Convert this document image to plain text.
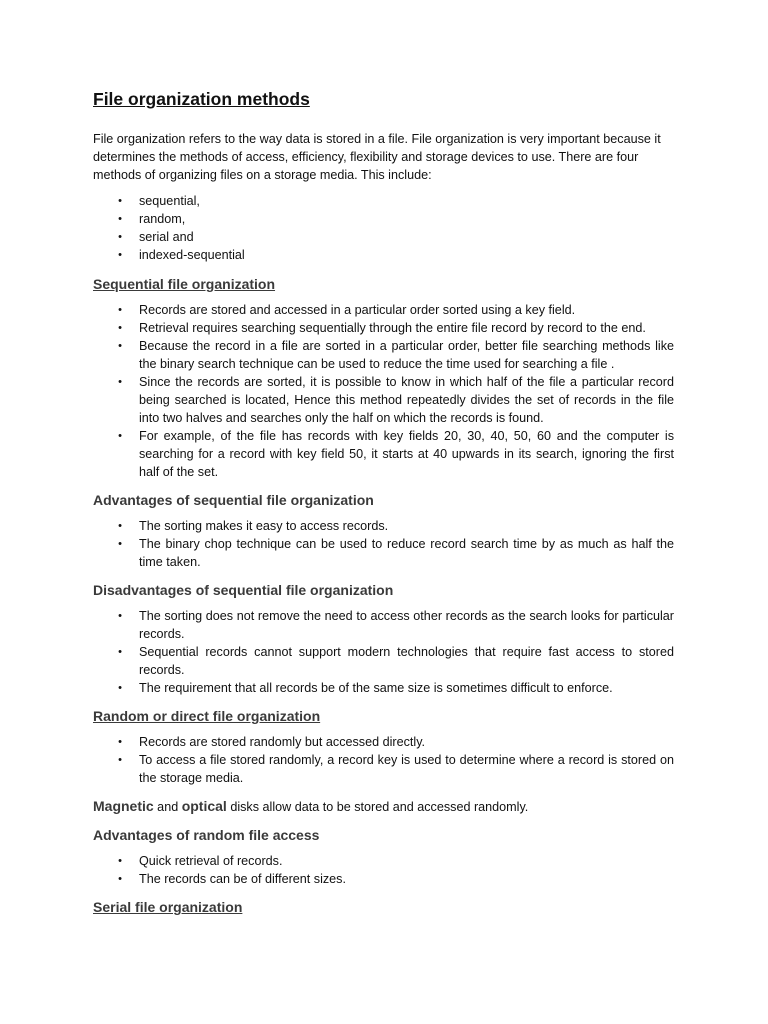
File organization methods

File organization refers to the way data is stored in a file. File organization is very important because it determines the methods of access, efficiency, flexibility and storage devices to use. There are four methods of organizing files on a storage media. This include:

• sequential,
• random,
• serial and
• indexed-sequential
Sequential file organization
• Records are stored and accessed in a particular order sorted using a key field.
• Retrieval requires searching sequentially through the entire file record by record to the end.
• Because the record in a file are sorted in a particular order, better file searching methods like the binary search technique can be used to reduce the time used for searching a file .
• Since the records are sorted, it is possible to know in which half of the file a particular record being searched is located, Hence this method repeatedly divides the set of records in the file into two halves and searches only the half on which the records is found.
• For example, of the file has records with key fields 20, 30, 40, 50, 60 and the computer is searching for a record with key field 50, it starts at 40 upwards in its search, ignoring the first half of the set.
Advantages of sequential file organization
• The sorting makes it easy to access records.
• The binary chop technique can be used to reduce record search time by as much as half the time taken.
Disadvantages of sequential file organization
• The sorting does not remove the need to access other records as the search looks for particular records.
• Sequential records cannot support modern technologies that require fast access to stored records.
• The requirement that all records be of the same size is sometimes difficult to enforce.
Random or direct file organization
• Records are stored randomly but accessed directly.
• To access a file stored randomly, a record key is used to determine where a record is stored on the storage media.

Magnetic and optical disks allow data to be stored and accessed randomly.

Advantages of random file access
• Quick retrieval of records.
• The records can be of different sizes.
Serial file organization
